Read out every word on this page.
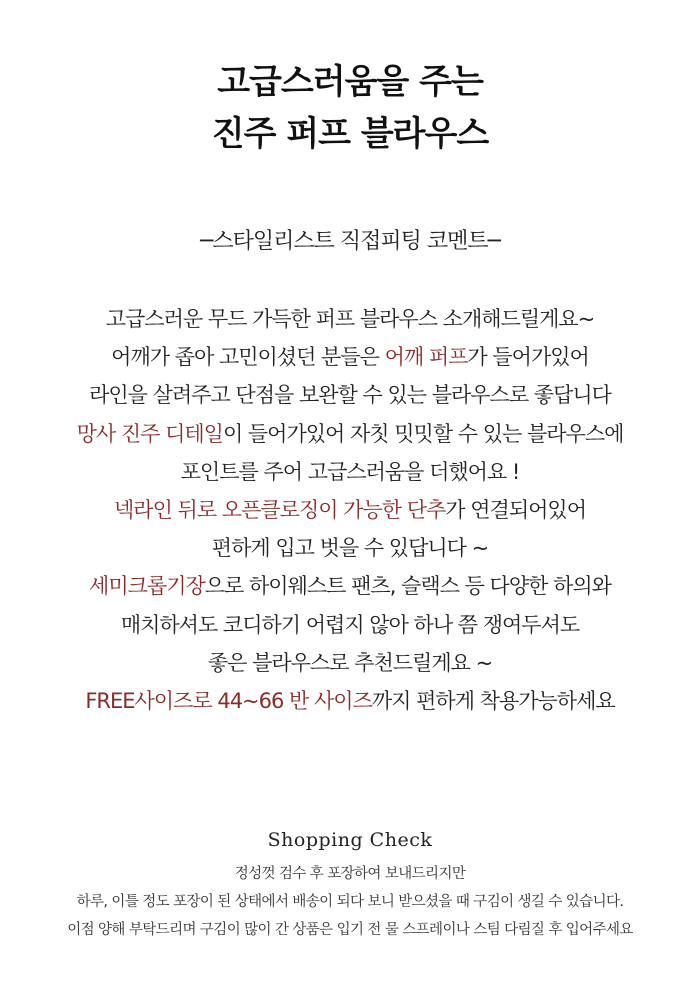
고급스러움을 주는
진주 퍼프 블라우스
─스타일리스트 직접피팅 코멘트─
고급스러운 무드 가득한 퍼프 블라우스 소개해드릴게요~
어깨가 좁아 고민이셨던 분들은 어깨 퍼프가 들어가있어
라인을 살려주고 단점을 보완할 수 있는 블라우스로 좋답니다
망사 진주 디테일이 들어가있어 자칫 밋밋할 수 있는 블라우스에
포인트를 주어 고급스러움을 더했어요 !
넥라인 뒤로 오픈클로징이 가능한 단추가 연결되어있어
편하게 입고 벗을 수 있답니다 ~
세미크롭기장으로 하이웨스트 팬츠, 슬랙스 등 다양한 하의와
매치하셔도 코디하기 어렵지 않아 하나 쯤 쟁여두셔도
좋은 블라우스로 추천드릴게요 ~
FREE사이즈로 44~66 반 사이즈까지 편하게 착용가능하세요
Shopping Check
정성껏 검수 후 포장하여 보내드리지만
하루, 이틀 정도 포장이 된 상태에서 배송이 되다 보니 받으셨을 때 구김이 생길 수 있습니다.
이점 양해 부탁드리며 구김이 많이 간 상품은 입기 전 물 스프레이나 스팀 다림질 후 입어주세요
